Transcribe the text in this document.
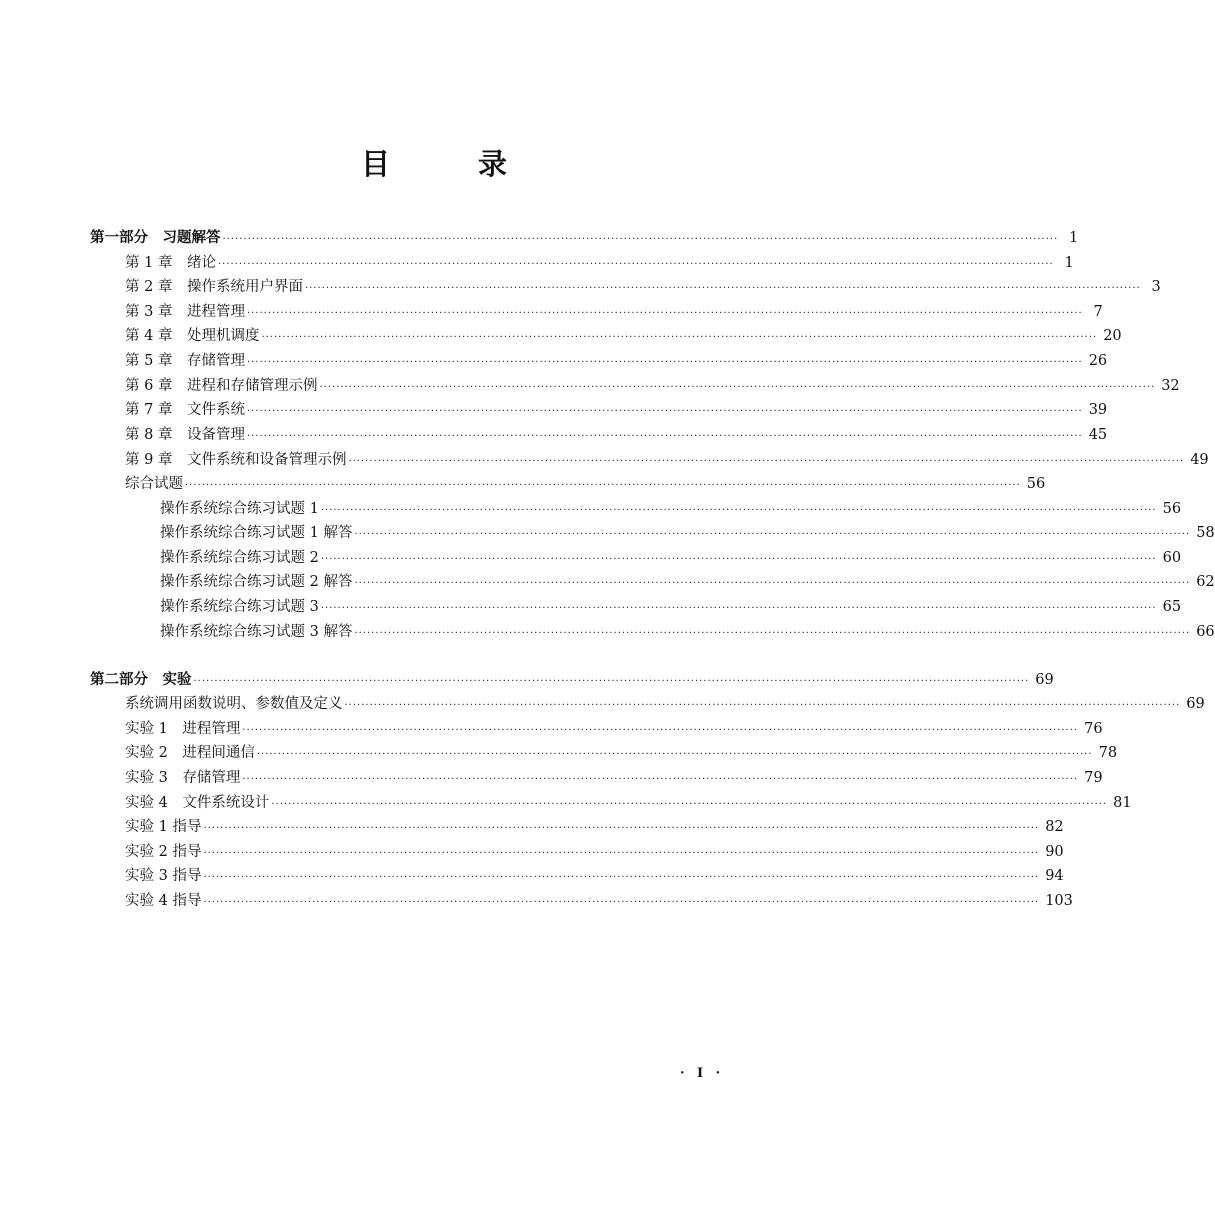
目	录
第一部分　习题解答 ········································································································································································································ 1
第 1 章　绪论 ········································································································································································································ 1
第 2 章　操作系统用户界面 ········································································································································································································ 3
第 3 章　进程管理 ········································································································································································································ 7
第 4 章　处理机调度 ········································································································································································································ 20
第 5 章　存储管理 ········································································································································································································ 26
第 6 章　进程和存储管理示例 ········································································································································································································ 32
第 7 章　文件系统 ········································································································································································································ 39
第 8 章　设备管理 ········································································································································································································ 45
第 9 章　文件系统和设备管理示例 ········································································································································································································ 49
综合试题 ········································································································································································································ 56
操作系统综合练习试题 1 ········································································································································································································ 56
操作系统综合练习试题 1 解答 ········································································································································································································ 58
操作系统综合练习试题 2 ········································································································································································································ 60
操作系统综合练习试题 2 解答 ········································································································································································································ 62
操作系统综合练习试题 3 ········································································································································································································ 65
操作系统综合练习试题 3 解答 ········································································································································································································ 66
第二部分　实验 ········································································································································································································ 69
系统调用函数说明、参数值及定义 ········································································································································································································ 69
实验 1　进程管理 ········································································································································································································ 76
实验 2　进程间通信 ········································································································································································································ 78
实验 3　存储管理 ········································································································································································································ 79
实验 4　文件系统设计 ········································································································································································································ 81
实验 1 指导 ········································································································································································································ 82
实验 2 指导 ········································································································································································································ 90
实验 3 指导 ········································································································································································································ 94
实验 4 指导 ········································································································································································································ 103
· Ⅰ ·
